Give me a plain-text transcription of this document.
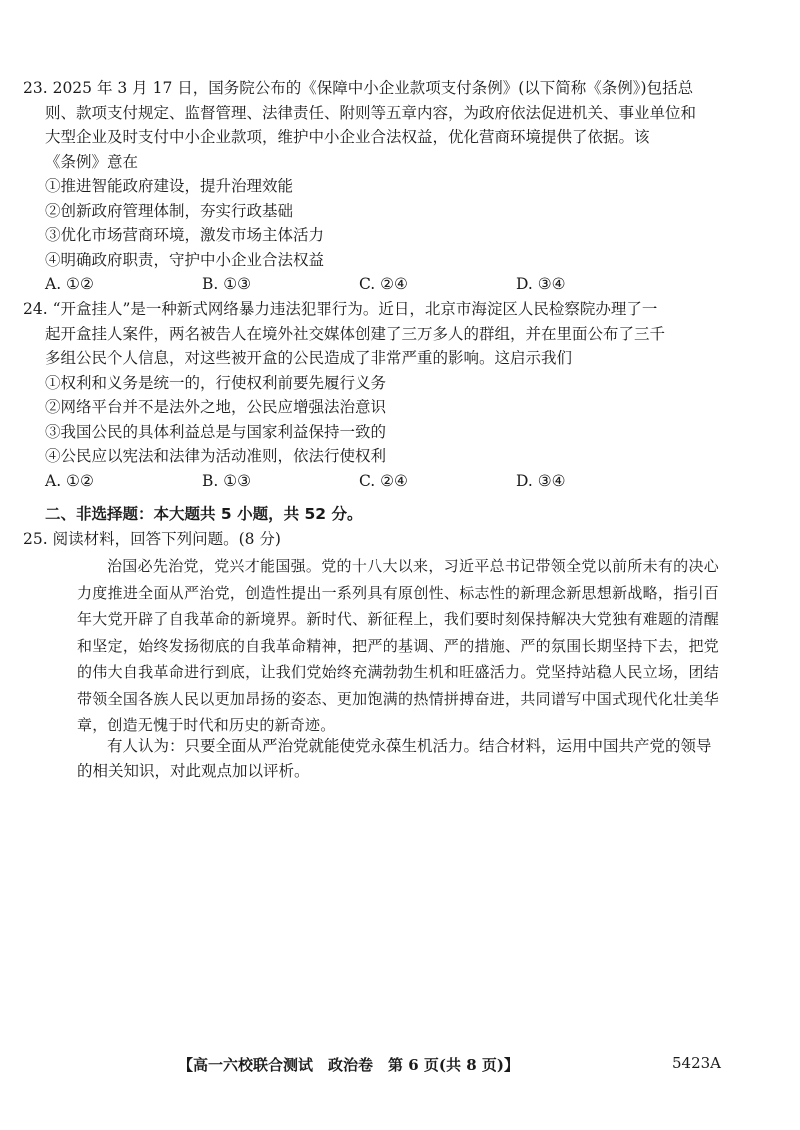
23. 2025 年 3 月 17 日，国务院公布的《保障中小企业款项支付条例》(以下简称《条例》)包括总
则、款项支付规定、监督管理、法律责任、附则等五章内容，为政府依法促进机关、事业单位和
大型企业及时支付中小企业款项，维护中小企业合法权益，优化营商环境提供了依据。该
《条例》意在
①推进智能政府建设，提升治理效能
②创新政府管理体制，夯实行政基础
③优化市场营商环境，激发市场主体活力
④明确政府职责，守护中小企业合法权益
A. ①②	B. ①③	C. ②④	D. ③④
24. “开盒挂人”是一种新式网络暴力违法犯罪行为。近日，北京市海淀区人民检察院办理了一
起开盒挂人案件，两名被告人在境外社交媒体创建了三万多人的群组，并在里面公布了三千
多组公民个人信息，对这些被开盒的公民造成了非常严重的影响。这启示我们
①权利和义务是统一的，行使权利前要先履行义务
②网络平台并不是法外之地，公民应增强法治意识
③我国公民的具体利益总是与国家利益保持一致的
④公民应以宪法和法律为活动准则，依法行使权利
A. ①②	B. ①③	C. ②④	D. ③④
二、非选择题：本大题共 5 小题，共 52 分。
25. 阅读材料，回答下列问题。(8 分)

治国必先治党，党兴才能国强。党的十八大以来，习近平总书记带领全党以前所未有的决心力度推进全面从严治党，创造性提出一系列具有原创性、标志性的新理念新思想新战略，指引百年大党开辟了自我革命的新境界。新时代、新征程上，我们要时刻保持解决大党独有难题的清醒和坚定，始终发扬彻底的自我革命精神，把严的基调、严的措施、严的氛围长期坚持下去，把党的伟大自我革命进行到底，让我们党始终充满勃勃生机和旺盛活力。党坚持站稳人民立场，团结带领全国各族人民以更加昂扬的姿态、更加饱满的热情拼搏奋进，共同谱写中国式现代化壮美华章，创造无愧于时代和历史的新奇迹。

有人认为：只要全面从严治党就能使党永葆生机活力。结合材料，运用中国共产党的领导的相关知识，对此观点加以评析。

【高一六校联合测试　政治卷　第 6 页(共 8 页)】	5423A
